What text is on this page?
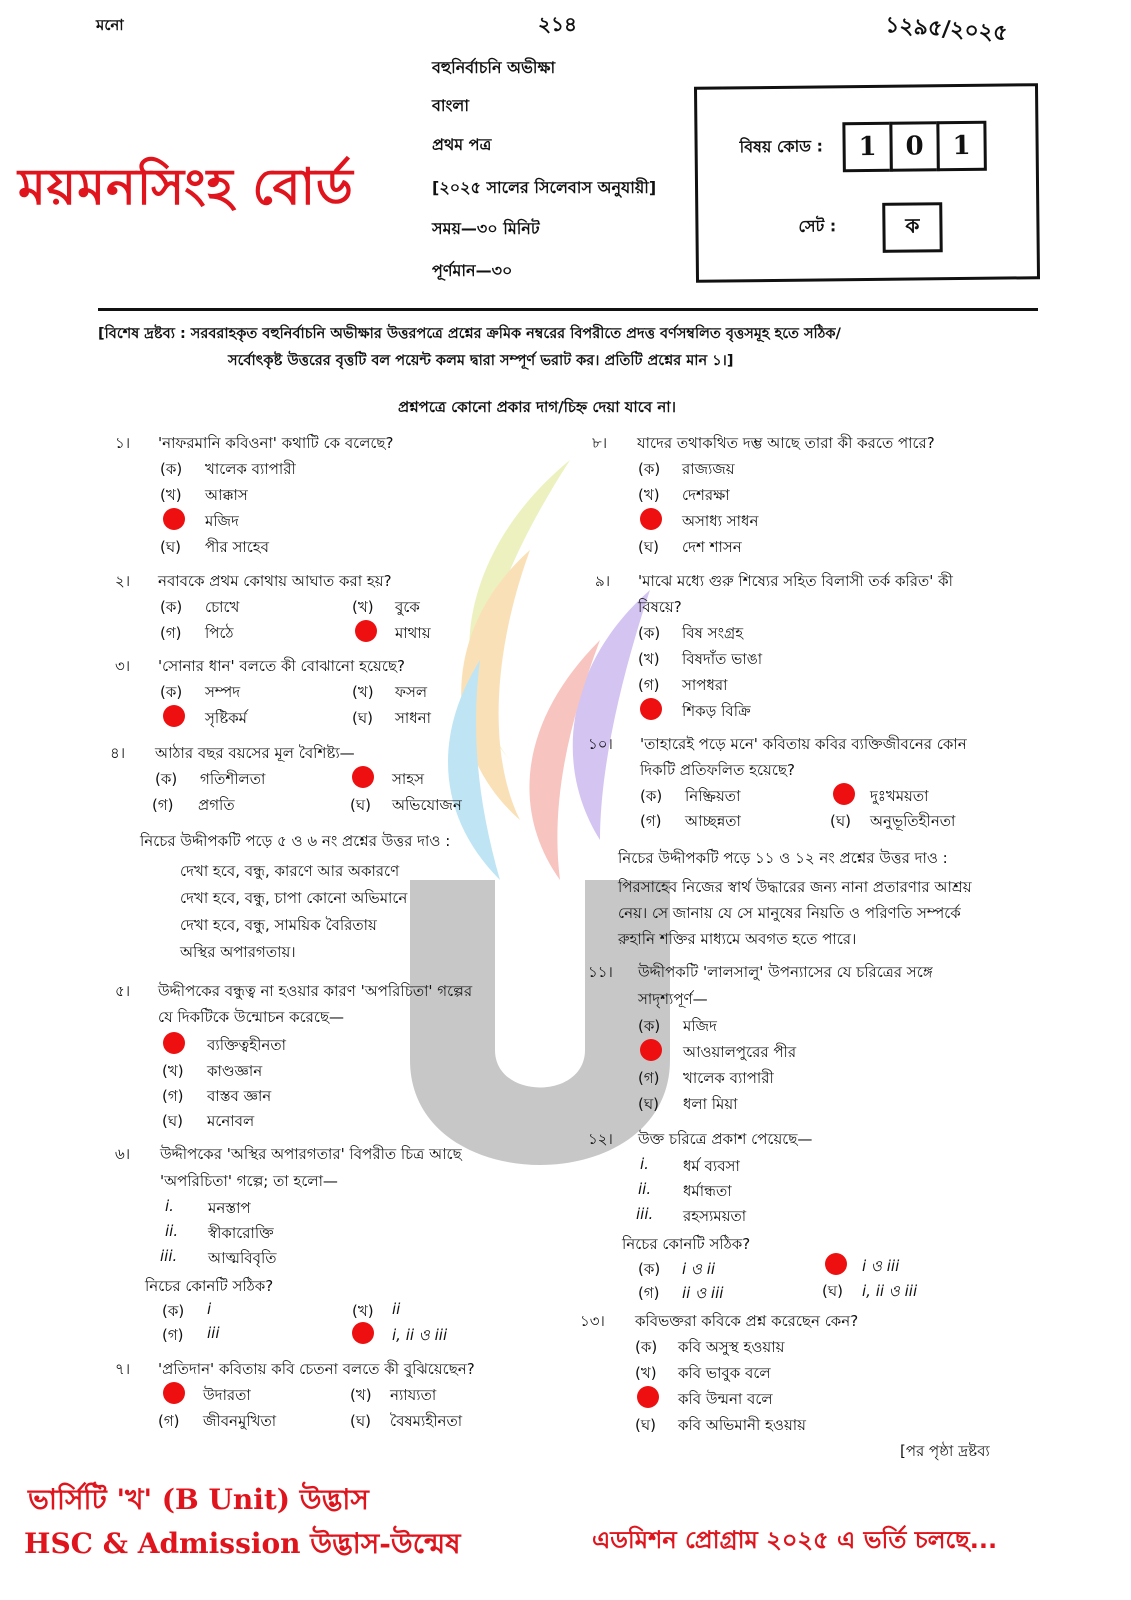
মনো	২১৪	১২৯৫/২০২৫
ময়মনসিংহ বোর্ড
বহুনির্বাচনি অভীক্ষা
বাংলা
প্রথম পত্র
[২০২৫ সালের সিলেবাস অনুযায়ী]
সময়—৩০ মিনিট
পূর্ণমান—৩০
বিষয় কোড :	1	0	1
সেট :	ক
[বিশেষ দ্রষ্টব্য : সরবরাহকৃত বহুনির্বাচনি অভীক্ষার উত্তরপত্রে প্রশ্নের ক্রমিক নম্বরের বিপরীতে প্রদত্ত বর্ণসম্বলিত বৃত্তসমূহ হতে সঠিক/
সর্বোৎকৃষ্ট উত্তরের বৃত্তটি বল পয়েন্ট কলম দ্বারা সম্পূর্ণ ভরাট কর। প্রতিটি প্রশ্নের মান ১।]
প্রশ্নপত্রে কোনো প্রকার দাগ/চিহ্ন দেয়া যাবে না।
১। 'নাফরমানি কবিওনা' কথাটি কে বলেছে?
(ক) খালেক ব্যাপারী
(খ) আক্কাস
মজিদ
(ঘ) পীর সাহেব
২। নবাবকে প্রথম কোথায় আঘাত করা হয়?
(ক) চোখে	(খ) বুকে
(গ) পিঠে	মাথায়
৩। 'সোনার ধান' বলতে কী বোঝানো হয়েছে?
(ক) সম্পদ	(খ) ফসল
সৃষ্টিকর্ম	(ঘ) সাধনা
৪। আঠার বছর বয়সের মূল বৈশিষ্ট্য—
(ক) গতিশীলতা	সাহস
(গ) প্রগতি	(ঘ) অভিযোজন
নিচের উদ্দীপকটি পড়ে ৫ ও ৬ নং প্রশ্নের উত্তর দাও :
দেখা হবে, বন্ধু, কারণে আর অকারণে
দেখা হবে, বন্ধু, চাপা কোনো অভিমানে
দেখা হবে, বন্ধু, সাময়িক বৈরিতায়
অস্থির অপারগতায়।
৫। উদ্দীপকের বন্ধুত্ব না হওয়ার কারণ 'অপরিচিতা' গল্পের
যে দিকটিকে উন্মোচন করেছে—
ব্যক্তিত্বহীনতা
(খ) কাণ্ডজ্ঞান
(গ) বাস্তব জ্ঞান
(ঘ) মনোবল
৬। উদ্দীপকের 'অস্থির অপারগতার' বিপরীত চিত্র আছে
'অপরিচিতা' গল্পে; তা হলো—
i. মনস্তাপ
ii. স্বীকারোক্তি
iii. আত্মবিবৃতি
নিচের কোনটি সঠিক?
(ক) i	(খ) ii
(গ) iii	i, ii ও iii
৭। 'প্রতিদান' কবিতায় কবি চেতনা বলতে কী বুঝিয়েছেন?
উদারতা	(খ) ন্যায্যতা
(গ) জীবনমুখিতা	(ঘ) বৈষম্যহীনতা
৮। যাদের তথাকথিত দম্ভ আছে তারা কী করতে পারে?
(ক) রাজ্যজয়
(খ) দেশরক্ষা
অসাধ্য সাধন
(ঘ) দেশ শাসন
৯। 'মাঝে মধ্যে গুরু শিষ্যের সহিত বিলাসী তর্ক করিত' কী
বিষয়ে?
(ক) বিষ সংগ্রহ
(খ) বিষদাঁত ভাঙা
(গ) সাপধরা
শিকড় বিক্রি
১০। 'তাহারেই পড়ে মনে' কবিতায় কবির ব্যক্তিজীবনের কোন
দিকটি প্রতিফলিত হয়েছে?
(ক) নিষ্ক্রিয়তা	দুঃখময়তা
(গ) আচ্ছন্নতা	(ঘ) অনুভূতিহীনতা
নিচের উদ্দীপকটি পড়ে ১১ ও ১২ নং প্রশ্নের উত্তর দাও :
পিরসাহেব নিজের স্বার্থ উদ্ধারের জন্য নানা প্রতারণার আশ্রয়
নেয়। সে জানায় যে সে মানুষের নিয়তি ও পরিণতি সম্পর্কে
রুহানি শক্তির মাধ্যমে অবগত হতে পারে।
১১। উদ্দীপকটি 'লালসালু' উপন্যাসের যে চরিত্রের সঙ্গে
সাদৃশ্যপূর্ণ—
(ক) মজিদ
আওয়ালপুরের পীর
(গ) খালেক ব্যাপারী
(ঘ) ধলা মিয়া
১২। উক্ত চরিত্রে প্রকাশ পেয়েছে—
i. ধর্ম ব্যবসা
ii. ধর্মান্ধতা
iii. রহস্যময়তা
নিচের কোনটি সঠিক?
(ক) i ও ii	i ও iii
(গ) ii ও iii	(ঘ) i, ii ও iii
১৩। কবিভক্তরা কবিকে প্রশ্ন করেছেন কেন?
(ক) কবি অসুস্থ হওয়ায়
(খ) কবি ভাবুক বলে
কবি উন্মনা বলে
(ঘ) কবি অভিমানী হওয়ায়
[পর পৃষ্ঠা দ্রষ্টব্য
ভার্সিটি 'খ' (B Unit) উদ্ভাস
HSC & Admission উদ্ভাস-উন্মেষ	এডমিশন প্রোগ্রাম ২০২৫ এ ভর্তি চলছে...
